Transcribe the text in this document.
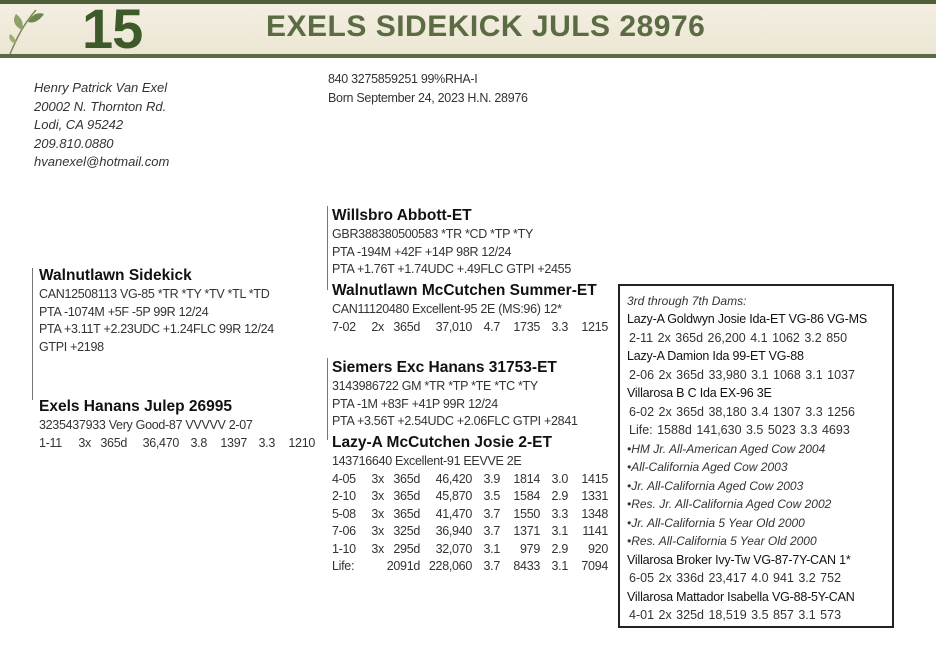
15	EXELS SIDEKICK JULS 28976
Henry Patrick Van Exel
20002 N. Thornton Rd.
Lodi, CA 95242
209.810.0880
hvanexel@hotmail.com
840 3275859251 99%RHA-I
Born September 24, 2023 H.N. 28976
Walnutlawn Sidekick
CAN12508113 VG-85 *TR *TY *TV *TL *TD
PTA -1074M +5F -5P 99R 12/24
PTA +3.11T +2.23UDC +1.24FLC 99R 12/24
GTPI +2198
Exels Hanans Julep 26995
3235437933 Very Good-87 VVVVV 2-07
1-11	3x	365d	36,470	3.8	1397	3.3	1210
Willsbro Abbott-ET
GBR388380500583 *TR *CD *TP *TY
PTA -194M +42F +14P 98R 12/24
PTA +1.76T +1.74UDC +.49FLC GTPI +2455
Walnutlawn McCutchen Summer-ET
CAN11120480 Excellent-95 2E (MS:96) 12*
7-02	2x	365d	37,010	4.7	1735	3.3	1215
Siemers Exc Hanans 31753-ET
3143986722 GM *TR *TP *TE *TC *TY
PTA -1M +83F +41P 99R 12/24
PTA +3.56T +2.54UDC +2.06FLC GTPI +2841
Lazy-A McCutchen Josie 2-ET
143716640 Excellent-91 EEVVE 2E
4-05	3x	365d	46,420	3.9	1814	3.0	1415
2-10	3x	365d	45,870	3.5	1584	2.9	1331
5-08	3x	365d	41,470	3.7	1550	3.3	1348
7-06	3x	325d	36,940	3.7	1371	3.1	1141
1-10	3x	295d	32,070	3.1	979	2.9	920
Life:		2091d	228,060	3.7	8433	3.1	7094
3rd through 7th Dams:
Lazy-A Goldwyn Josie Ida-ET VG-86 VG-MS
2-11 2x 365d 26,200 4.1 1062 3.2 850
Lazy-A Damion Ida 99-ET VG-88
2-06 2x 365d 33,980 3.1 1068 3.1 1037
Villarosa B C Ida EX-96 3E
6-02 2x 365d 38,180 3.4 1307 3.3 1256
Life: 1588d 141,630 3.5 5023 3.3 4693
•HM Jr. All-American Aged Cow 2004
•All-California Aged Cow 2003
•Jr. All-California Aged Cow 2003
•Res. Jr. All-California Aged Cow 2002
•Jr. All-California 5 Year Old 2000
•Res. All-California 5 Year Old 2000
Villarosa Broker Ivy-Tw VG-87-7Y-CAN 1*
6-05 2x 336d 23,417 4.0 941 3.2 752
Villarosa Mattador Isabella VG-88-5Y-CAN
4-01 2x 325d 18,519 3.5 857 3.1 573
